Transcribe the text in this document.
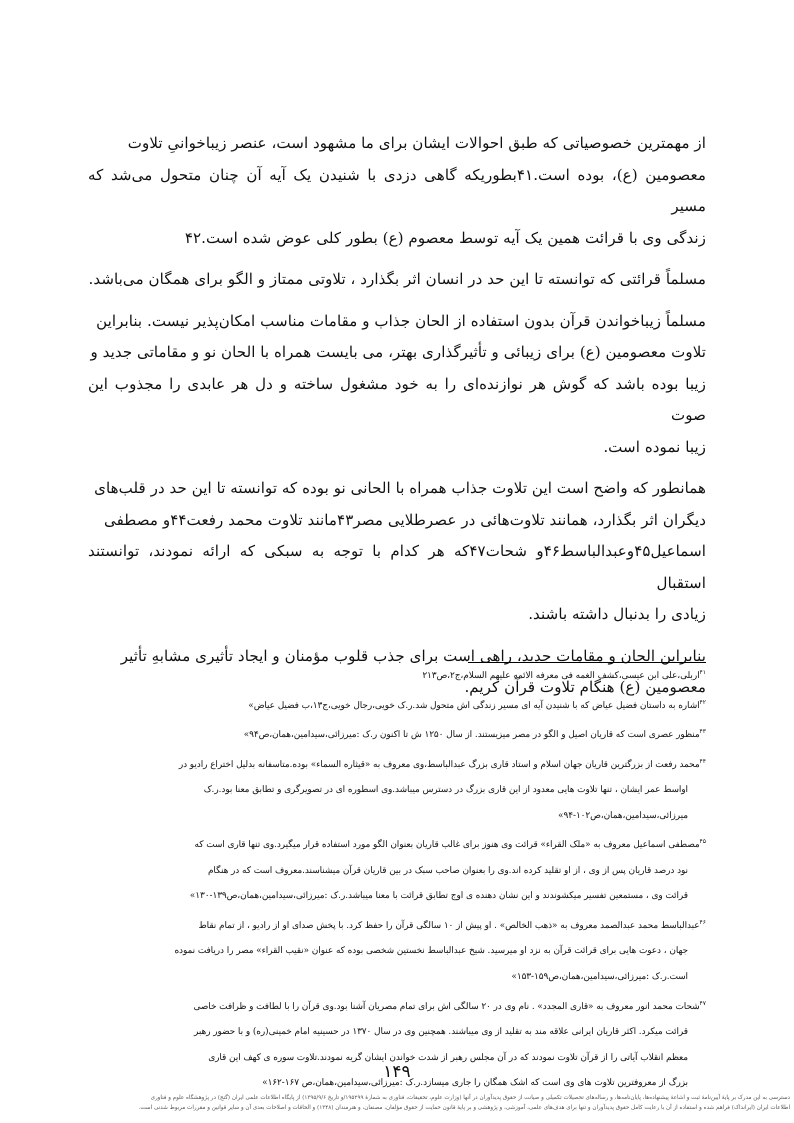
از مهمترین خصوصیاتی که طبق احوالات ایشان برای ما مشهود است، عنصر زیباخوانیِ تلاوت
معصومین (ع)، بوده است.۴۱بطوریکه گاهی دزدی با شنیدن یک آیه آن چنان متحول می‌شد که مسیر
زندگی وی با قرائت همین یک آیه توسط معصوم (ع) بطور کلی عوض شده است.۴۲

مسلماً قرائتی که توانسته تا این حد در انسان اثر بگذارد ، تلاوتی ممتاز و الگو برای همگان می‌باشد.

مسلماً زیباخواندن قرآن بدون استفاده از الحان جذاب و مقامات مناسب امکان‌پذیر نیست. بنابراین
تلاوت معصومین (ع) برای زیبائی و تأثیرگذاری بهتر، می بایست همراه با الحان نو و مقاماتی جدید و
زیبا بوده باشد که گوش هر نوازنده‌ای را به خود مشغول ساخته و دل هر عابدی را مجذوب این صوت
زیبا نموده است.

همانطور که واضح است این تلاوت جذاب همراه با الحانی نو بوده که توانسته تا این حد در قلب‌های
دیگران اثر بگذارد، همانند تلاوت‌هائی در عصرطلایی مصر۴۳مانند تلاوت محمد رفعت۴۴و مصطفی
اسماعیل۴۵وعبدالباسط۴۶و شحات۴۷که هر کدام با توجه به سبکی که ارائه نمودند، توانستند استقبال
زیادی را بدنبال داشته باشند.

بنابراین الحان و مقامات جدید، راهی است برای جذب قلوب مؤمنان و ایجاد تأثیری مشابهِ تأثیر
معصومین (ع) هنگام تلاوت قرآن کریم.

$^{۴۱}$اربلی،علی ابن عیسی،کشف الغمه فی معرفه الائمه علیهم السلام،ج۲،ص۲۱۳

$^{۴۲}$اشاره به داستان فضیل عیاض که با شنیدن آیه ای مسیر زندگی اش متحول شد.ر.ک خویی،رجال خویی،ج۱۳،ب فضیل عیاض»

$^{۴۳}$منظور عصری است که قاریان اصیل و الگو در مصر میزیستند. از سال ۱۲۵۰ ش تا اکنون ر.ک :میرزائی،سیدامین،همان،ص۹۴»

$^{۴۴}$محمد رفعت از بزرگترین قاریان جهان اسلام و استاد قاری بزرگ عبدالباسط،وی معروف به «قیثاره السماء» بوده.متاسفانه بدلیل اختراع رادیو در

اواسط عمر ایشان ، تنها تلاوت هایی معدود از این قاری بزرگ در دسترس میباشد.وی اسطوره ای در تصویرگری و تطابق معنا بود.ر.ک

میرزائی،سیدامین،همان،ص۱۰۲-۹۴»

$^{۴۵}$مصطفی اسماعیل معروف به «ملک القراء» قرائت وی هنوز برای غالب قاریان بعنوان الگو مورد استفاده قرار میگیرد.وی تنها قاری است که

نود درصد قاریان پس از وی ، از او تقلید کرده اند.وی را بعنوان صاحب سبک در بین قاریان قرآن میشناسند.معروف است که در هنگام

قرائت وی ، مستمعین تفسیر میکشوندند و این نشان دهنده ی اوج تطابق قرائت با معنا میباشد.ر.ک :میرزائی،سیدامین،همان،ص۱۳۹-۱۳۰»

$^{۴۶}$عبدالباسط محمد عبدالصمد معروف به «ذهب الخالص» . او پیش از ۱۰ سالگی قرآن را حفظ کرد. با پخش صدای او از رادیو ، از تمام نقاط

جهان ، دعوت هایی برای قرائت قرآن به نزد او میرسید. شیخ عبدالباسط نخستین شخصی بوده که عنوان «نقیب القراء» مصر را دریافت نموده

است.ر.ک :میرزائی،سیدامین،همان،ص۱۵۹-۱۵۳»

$^{۴۷}$شحات محمد انور معروف به «قاری المجدد» . نام وی در ۲۰ سالگی اش برای تمام مصریان آشنا بود.وی قرآن را با لطافت و ظرافت خاصی

قرائت میکرد. اکثر قاریان ایرانی علاقه مند به تقلید از وی میباشند. همچنین وی در سال ۱۳۷۰ در حسینیه امام خمینی(ره) و با حضور رهبر

معظم انقلاب آیاتی را از قرآن تلاوت نمودند که در آن مجلس رهبر از شدت خواندن ایشان گریه نمودند.تلاوت سوره ی کهف این قاری

بزرگ از معروفترین تلاوت های وی است که اشک همگان را جاری میسازد.ر.ک :میرزائی،سیدامین،همان،ص ۱۶۷-۱۶۲»

۱۴۹
دسترسی به این مدرک بر پایهٔ آیین‌نامهٔ ثبت و اشاعهٔ پیشنهاده‌ها، پایان‌نامه‌ها، و رساله‌های تحصیلات تکمیلی و صیانت از حقوق پدیدآوران در آنها (وزارت علوم، تحقیقات، فناوری به شمارهٔ ۱۹۵۲۹۹/و تاریخ ۱۳۹۵/۹/۶) از پایگاه اطلاعات علمی ایران (گنج) در پژوهشگاه علوم و فناوری
اطلاعات ایران (ایرانداک) فراهم شده و استفاده از آن با رعایت کامل حقوق پدیدآوران و تنها برای هدف‌های علمی، آموزشی، و پژوهشی و بر پایهٔ قانون حمایت از حقوق مؤلفان، مصنفان، و هنرمندان (۱۳۴۸) و الحاقات و اصلاحات بعدی آن و سایر قوانین و مقررات مربوط شدنی است.
